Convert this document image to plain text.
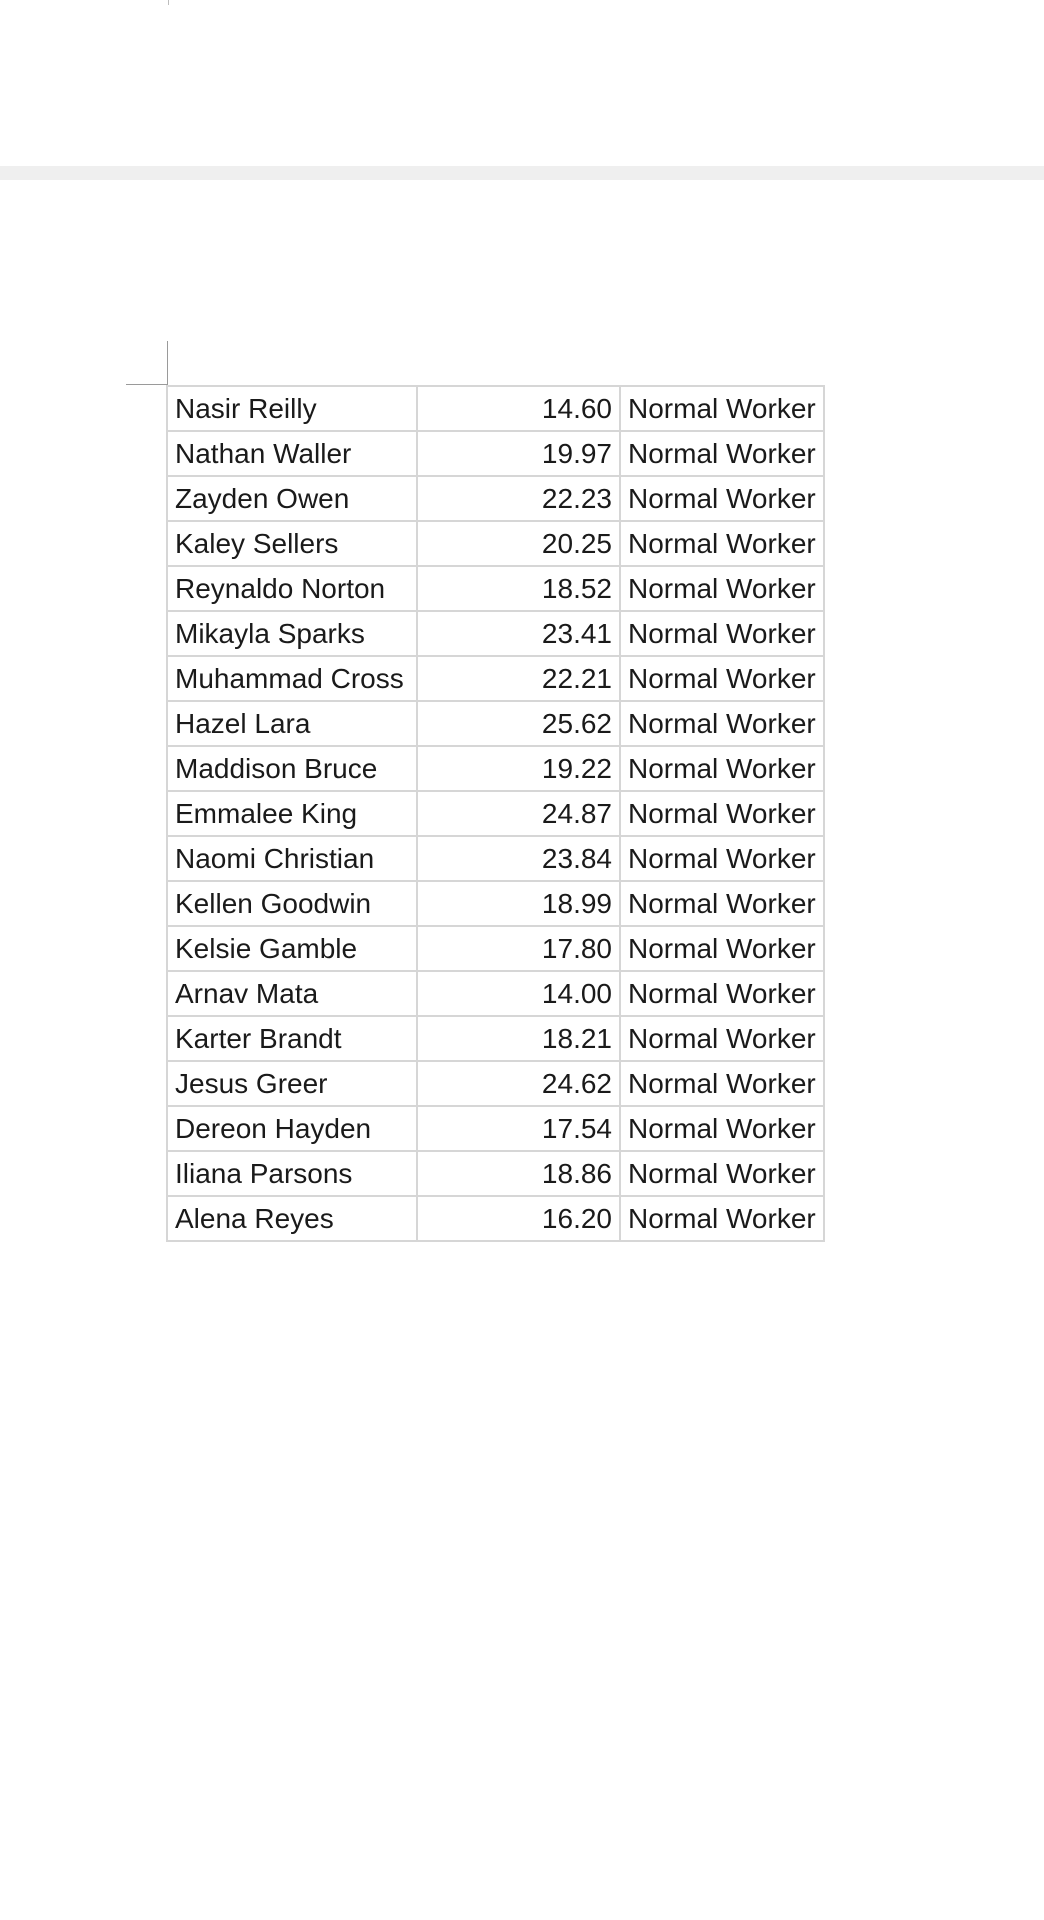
Nasir Reilly	14.60	Normal Worker
Nathan Waller	19.97	Normal Worker
Zayden Owen	22.23	Normal Worker
Kaley Sellers	20.25	Normal Worker
Reynaldo Norton	18.52	Normal Worker
Mikayla Sparks	23.41	Normal Worker
Muhammad Cross	22.21	Normal Worker
Hazel Lara	25.62	Normal Worker
Maddison Bruce	19.22	Normal Worker
Emmalee King	24.87	Normal Worker
Naomi Christian	23.84	Normal Worker
Kellen Goodwin	18.99	Normal Worker
Kelsie Gamble	17.80	Normal Worker
Arnav Mata	14.00	Normal Worker
Karter Brandt	18.21	Normal Worker
Jesus Greer	24.62	Normal Worker
Dereon Hayden	17.54	Normal Worker
Iliana Parsons	18.86	Normal Worker
Alena Reyes	16.20	Normal Worker
